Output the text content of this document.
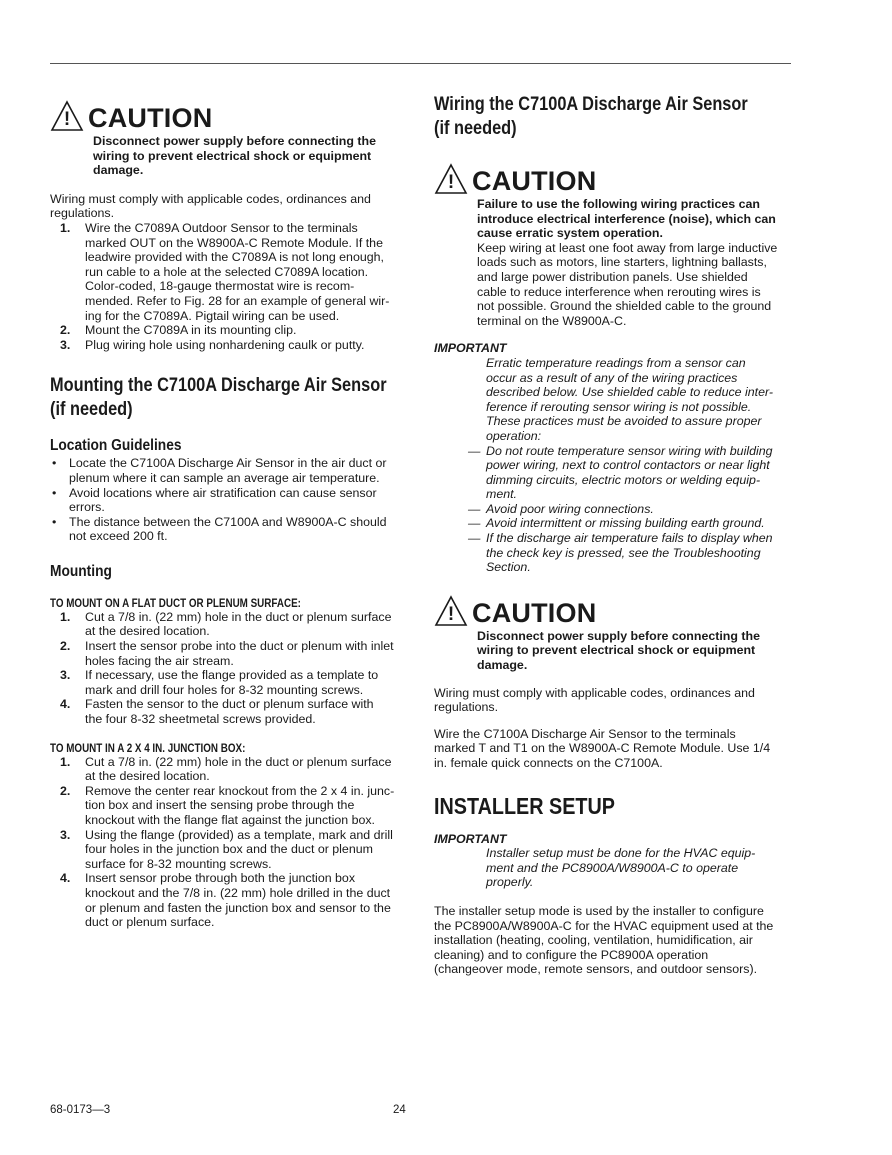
! CAUTION
Disconnect power supply before connecting the
wiring to prevent electrical shock or equipment
damage.

Wiring must comply with applicable codes, ordinances and
regulations.

1.	Wire the C7089A Outdoor Sensor to the terminals
marked OUT on the W8900A-C Remote Module. If the
leadwire provided with the C7089A is not long enough,
run cable to a hole at the selected C7089A location.
Color-coded, 18-gauge thermostat wire is recom-
mended. Refer to Fig. 28 for an example of general wir-
ing for the C7089A. Pigtail wiring can be used.
2.	Mount the C7089A in its mounting clip.
3.	Plug wiring hole using nonhardening caulk or putty.
Mounting the C7100A Discharge Air Sensor
(if needed)
Location Guidelines
•	Locate the C7100A Discharge Air Sensor in the air duct or
plenum where it can sample an average air temperature.
•	Avoid locations where air stratification can cause sensor
errors.
•	The distance between the C7100A and W8900A-C should
not exceed 200 ft.
Mounting
TO MOUNT ON A FLAT DUCT OR PLENUM SURFACE:
1.	Cut a 7/8 in. (22 mm) hole in the duct or plenum surface
at the desired location.
2.	Insert the sensor probe into the duct or plenum with inlet
holes facing the air stream.
3.	If necessary, use the flange provided as a template to
mark and drill four holes for 8-32 mounting screws.
4.	Fasten the sensor to the duct or plenum surface with
the four 8-32 sheetmetal screws provided.
TO MOUNT IN A 2 X 4 IN. JUNCTION BOX:
1.	Cut a 7/8 in. (22 mm) hole in the duct or plenum surface
at the desired location.
2.	Remove the center rear knockout from the 2 x 4 in. junc-
tion box and insert the sensing probe through the
knockout with the flange flat against the junction box.
3.	Using the flange (provided) as a template, mark and drill
four holes in the junction box and the duct or plenum
surface for 8-32 mounting screws.
4.	Insert sensor probe through both the junction box
knockout and the 7/8 in. (22 mm) hole drilled in the duct
or plenum and fasten the junction box and sensor to the
duct or plenum surface.
Wiring the C7100A Discharge Air Sensor
(if needed)
! CAUTION
Failure to use the following wiring practices can
introduce electrical interference (noise), which can
cause erratic system operation.
Keep wiring at least one foot away from large inductive
loads such as motors, line starters, lightning ballasts,
and large power distribution panels. Use shielded
cable to reduce interference when rerouting wires is
not possible. Ground the shielded cable to the ground
terminal on the W8900A-C.
IMPORTANT
Erratic temperature readings from a sensor can
occur as a result of any of the wiring practices
described below. Use shielded cable to reduce inter-
ference if rerouting sensor wiring is not possible.
These practices must be avoided to assure proper
operation:
— Do not route temperature sensor wiring with building
power wiring, next to control contactors or near light
dimming circuits, electric motors or welding equip-
ment.
— Avoid poor wiring connections.
— Avoid intermittent or missing building earth ground.
— If the discharge air temperature fails to display when
the check key is pressed, see the Troubleshooting
Section.
! CAUTION
Disconnect power supply before connecting the
wiring to prevent electrical shock or equipment
damage.

Wiring must comply with applicable codes, ordinances and
regulations.

Wire the C7100A Discharge Air Sensor to the terminals
marked T and T1 on the W8900A-C Remote Module. Use 1/4
in. female quick connects on the C7100A.

INSTALLER SETUP
IMPORTANT
Installer setup must be done for the HVAC equip-
ment and the PC8900A/W8900A-C to operate
properly.

The installer setup mode is used by the installer to configure
the PC8900A/W8900A-C for the HVAC equipment used at the
installation (heating, cooling, ventilation, humidification, air
cleaning) and to configure the PC8900A operation
(changeover mode, remote sensors, and outdoor sensors).

68-0173—3	24
